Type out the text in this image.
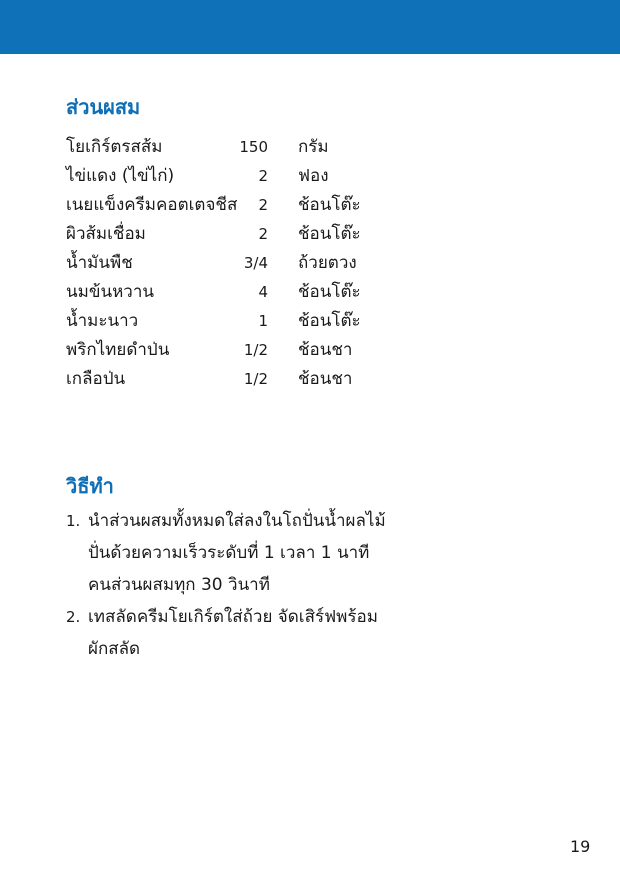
ส่วนผสม
โยเกิร์ตรสส้ม	150 กรัม
ไข่แดง (ไข่ไก่)	2 ฟอง
เนยแข็งครีมคอตเตจชีส 2 ช้อนโต๊ะ
ผิวส้มเชื่อม	2 ช้อนโต๊ะ
น้ำมันพืช	3/4 ถ้วยตวง
นมข้นหวาน	4 ช้อนโต๊ะ
น้ำมะนาว	1 ช้อนโต๊ะ
พริกไทยดำป่น	1/2 ช้อนชา
เกลือป่น	1/2 ช้อนชา
วิธีทำ
1. นำส่วนผสมทั้งหมดใส่ลงในโถปั่นน้ำผลไม้
ปั่นด้วยความเร็วระดับที่ 1 เวลา 1 นาที
คนส่วนผสมทุก 30 วินาที
2. เทสลัดครีมโยเกิร์ตใส่ถ้วย จัดเสิร์ฟพร้อม
ผักสลัด
19
